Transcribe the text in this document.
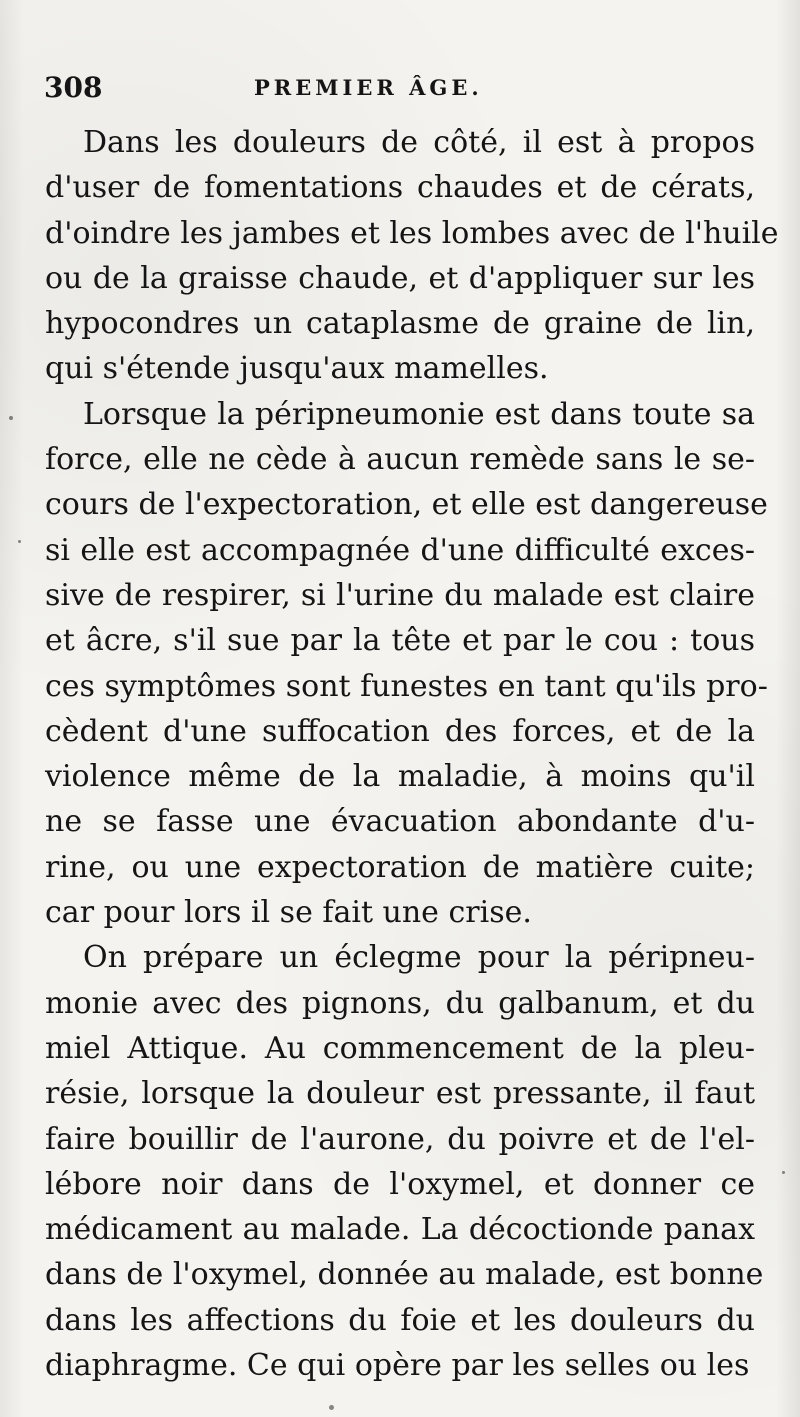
308	PREMIER ÂGE.
Dans les douleurs de côté, il est à propos
d'user de fomentations chaudes et de cérats,
d'oindre les jambes et les lombes avec de l'huile
ou de la graisse chaude, et d'appliquer sur les
hypocondres un cataplasme de graine de lin,
qui s'étende jusqu'aux mamelles.
Lorsque la péripneumonie est dans toute sa
force, elle ne cède à aucun remède sans le se-
cours de l'expectoration, et elle est dangereuse
si elle est accompagnée d'une difficulté exces-
sive de respirer, si l'urine du malade est claire
et âcre, s'il sue par la tête et par le cou : tous
ces symptômes sont funestes en tant qu'ils pro-
cèdent d'une suffocation des forces, et de la
violence même de la maladie, à moins qu'il
ne se fasse une évacuation abondante d'u-
rine, ou une expectoration de matière cuite;
car pour lors il se fait une crise.
On prépare un éclegme pour la péripneu-
monie avec des pignons, du galbanum, et du
miel Attique. Au commencement de la pleu-
résie, lorsque la douleur est pressante, il faut
faire bouillir de l'aurone, du poivre et de l'el-
lébore noir dans de l'oxymel, et donner ce
médicament au malade. La décoctionde panax
dans de l'oxymel, donnée au malade, est bonne
dans les affections du foie et les douleurs du
diaphragme. Ce qui opère par les selles ou les
